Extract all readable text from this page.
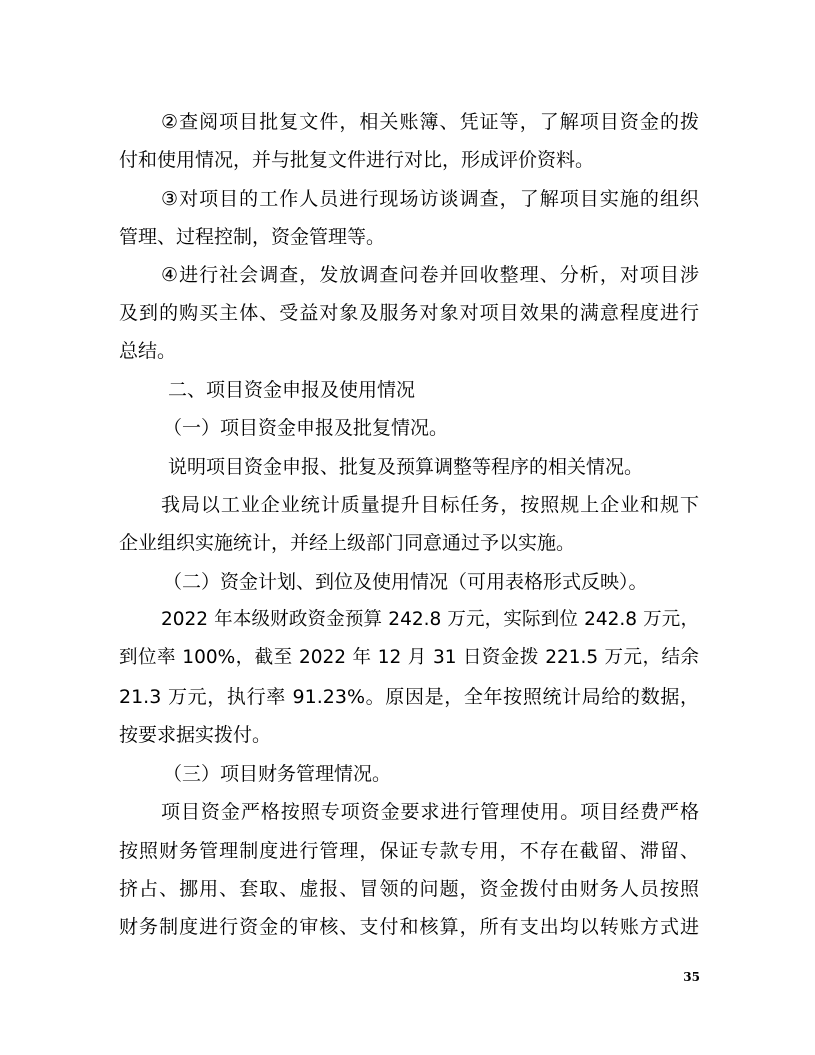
②查阅项目批复文件，相关账簿、凭证等，了解项目资金的拨
付和使用情况，并与批复文件进行对比，形成评价资料。
③对项目的工作人员进行现场访谈调查，了解项目实施的组织
管理、过程控制，资金管理等。
④进行社会调查，发放调查问卷并回收整理、分析，对项目涉
及到的购买主体、受益对象及服务对象对项目效果的满意程度进行
总结。
二、项目资金申报及使用情况
（一）项目资金申报及批复情况。
说明项目资金申报、批复及预算调整等程序的相关情况。
我局以工业企业统计质量提升目标任务，按照规上企业和规下
企业组织实施统计，并经上级部门同意通过予以实施。
（二）资金计划、到位及使用情况（可用表格形式反映）。
2022 年本级财政资金预算 242.8 万元，实际到位 242.8 万元，
到位率 100%，截至 2022 年 12 月 31 日资金拨 221.5 万元，结余
21.3 万元，执行率 91.23%。原因是，全年按照统计局给的数据，
按要求据实拨付。
（三）项目财务管理情况。
项目资金严格按照专项资金要求进行管理使用。项目经费严格
按照财务管理制度进行管理，保证专款专用，不存在截留、滞留、
挤占、挪用、套取、虚报、冒领的问题，资金拨付由财务人员按照
财务制度进行资金的审核、支付和核算，所有支出均以转账方式进
35
